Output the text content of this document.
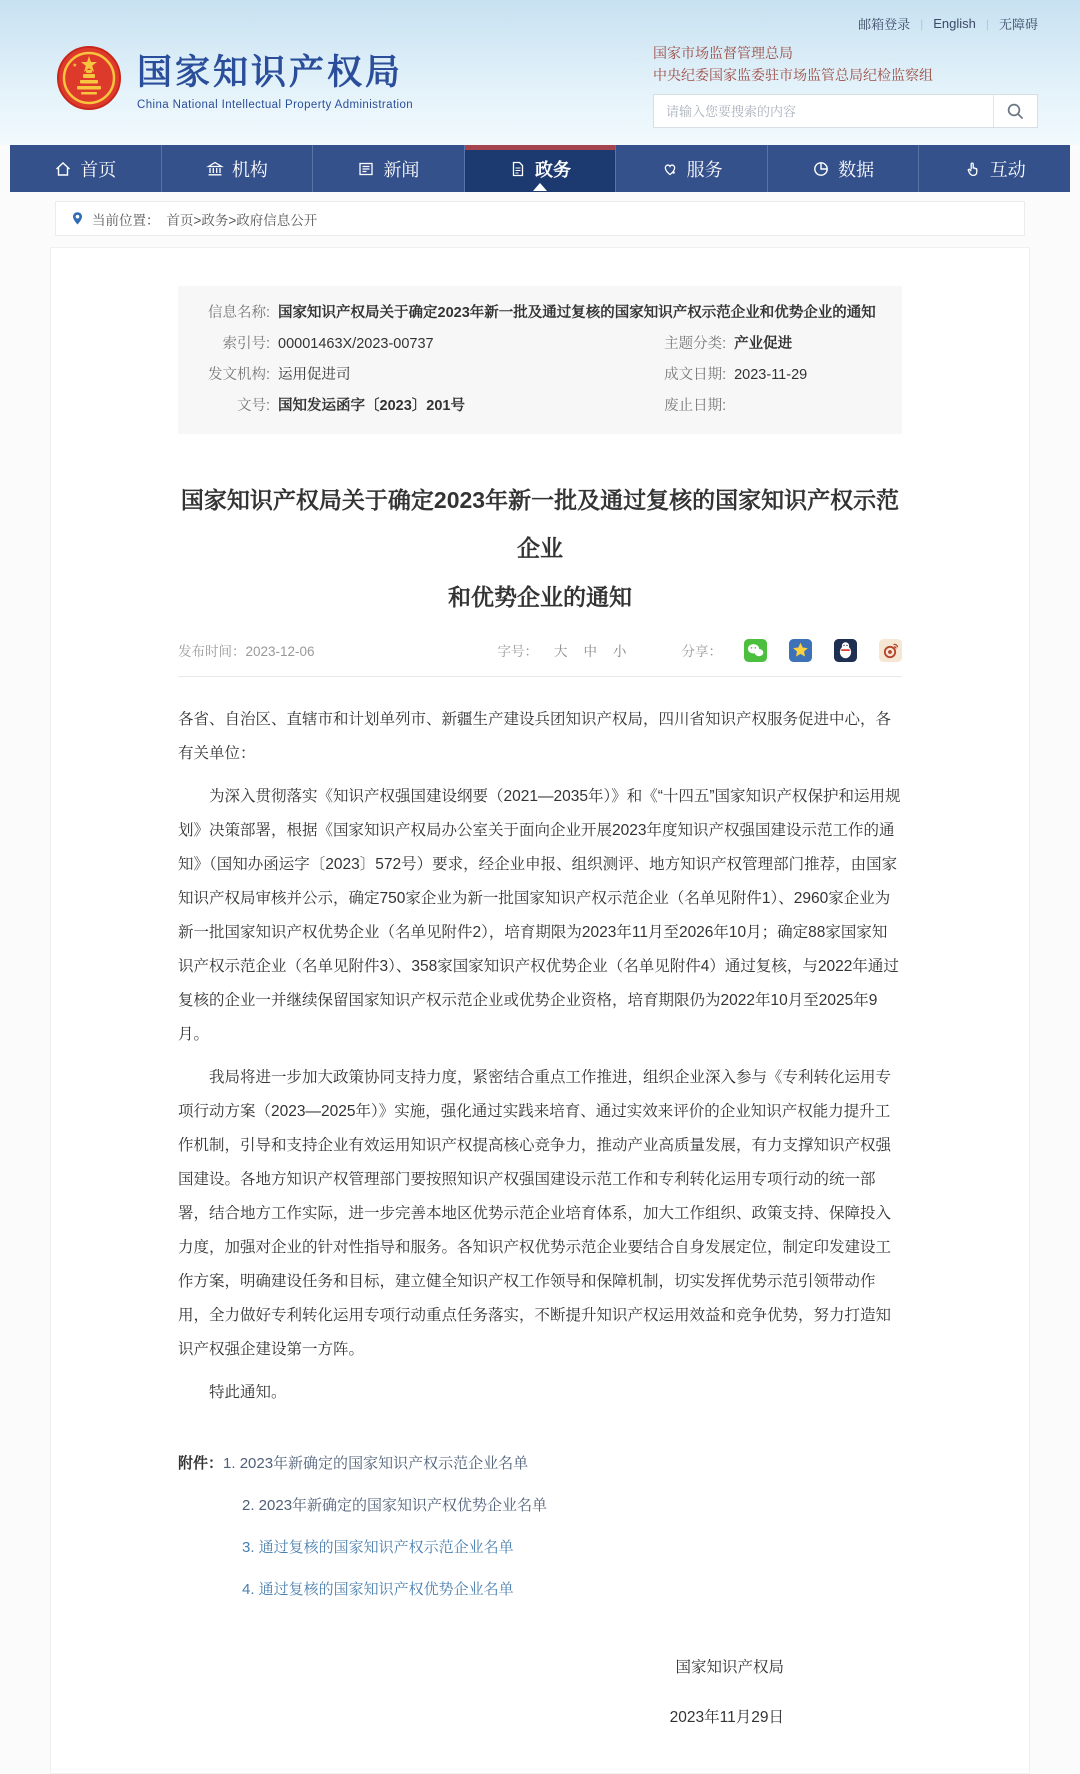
国家知识产权局
China National Intellectual Property Administration
邮箱登录 | English | 无障碍
国家市场监督管理总局
中央纪委国家监委驻市场监管总局纪检监察组
请输入您要搜索的内容
首页	机构	新闻	政务	服务	数据	互动
当前位置： 首页>政务>政府信息公开
信息名称: 国家知识产权局关于确定2023年新一批及通过复核的国家知识产权示范企业和优势企业的通知
索引号: 00001463X/2023-00737	主题分类: 产业促进
发文机构: 运用促进司	成文日期: 2023-11-29
文号: 国知发运函字〔2023〕201号	废止日期:
国家知识产权局关于确定2023年新一批及通过复核的国家知识产权示范企业
和优势企业的通知
发布时间：2023-12-06	字号： 大 中 小	分享：

各省、自治区、直辖市和计划单列市、新疆生产建设兵团知识产权局，四川省知识产权服务促进中心，各有关单位：

为深入贯彻落实《知识产权强国建设纲要（2021—2035年）》和《“十四五”国家知识产权保护和运用规划》决策部署，根据《国家知识产权局办公室关于面向企业开展2023年度知识产权强国建设示范工作的通知》（国知办函运字〔2023〕572号）要求，经企业申报、组织测评、地方知识产权管理部门推荐，由国家知识产权局审核并公示，确定750家企业为新一批国家知识产权示范企业（名单见附件1）、2960家企业为新一批国家知识产权优势企业（名单见附件2），培育期限为2023年11月至2026年10月；确定88家国家知识产权示范企业（名单见附件3）、358家国家知识产权优势企业（名单见附件4）通过复核，与2022年通过复核的企业一并继续保留国家知识产权示范企业或优势企业资格，培育期限仍为2022年10月至2025年9月。

我局将进一步加大政策协同支持力度，紧密结合重点工作推进，组织企业深入参与《专利转化运用专项行动方案（2023—2025年）》实施，强化通过实践来培育、通过实效来评价的企业知识产权能力提升工作机制，引导和支持企业有效运用知识产权提高核心竞争力，推动产业高质量发展，有力支撑知识产权强国建设。各地方知识产权管理部门要按照知识产权强国建设示范工作和专利转化运用专项行动的统一部署，结合地方工作实际，进一步完善本地区优势示范企业培育体系，加大工作组织、政策支持、保障投入力度，加强对企业的针对性指导和服务。各知识产权优势示范企业要结合自身发展定位，制定印发建设工作方案，明确建设任务和目标，建立健全知识产权工作领导和保障机制，切实发挥优势示范引领带动作用，全力做好专利转化运用专项行动重点任务落实，不断提升知识产权运用效益和竞争优势，努力打造知识产权强企建设第一方阵。

特此通知。

附件： 1. 2023年新确定的国家知识产权示范企业名单
2. 2023年新确定的国家知识产权优势企业名单
3. 通过复核的国家知识产权示范企业名单
4. 通过复核的国家知识产权优势企业名单
国家知识产权局
2023年11月29日
